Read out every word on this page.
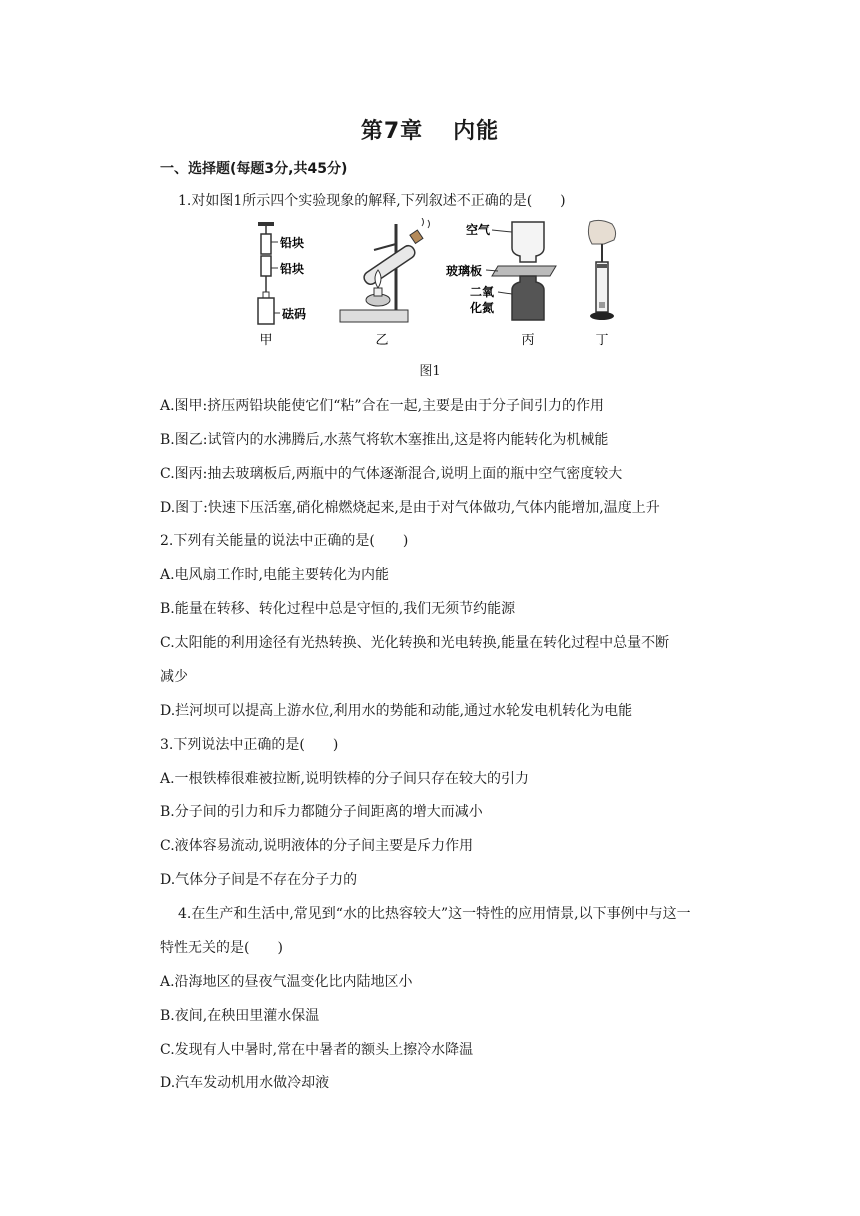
第7章 内能
一、选择题(每题3分,共45分)
1.对如图1所示四个实验现象的解释,下列叙述不正确的是(　　)
铅块
铅块
砝码
空气
玻璃板
二氧
化氮
甲	乙	丙	丁
图1
A.图甲:挤压两铅块能使它们“粘”合在一起,主要是由于分子间引力的作用
B.图乙:试管内的水沸腾后,水蒸气将软木塞推出,这是将内能转化为机械能
C.图丙:抽去玻璃板后,两瓶中的气体逐渐混合,说明上面的瓶中空气密度较大
D.图丁:快速下压活塞,硝化棉燃烧起来,是由于对气体做功,气体内能增加,温度上升
2.下列有关能量的说法中正确的是(　　)
A.电风扇工作时,电能主要转化为内能
B.能量在转移、转化过程中总是守恒的,我们无须节约能源
C.太阳能的利用途径有光热转换、光化转换和光电转换,能量在转化过程中总量不断
减少
D.拦河坝可以提高上游水位,利用水的势能和动能,通过水轮发电机转化为电能
3.下列说法中正确的是(　　)
A.一根铁棒很难被拉断,说明铁棒的分子间只存在较大的引力
B.分子间的引力和斥力都随分子间距离的增大而减小
C.液体容易流动,说明液体的分子间主要是斥力作用
D.气体分子间是不存在分子力的
4.在生产和生活中,常见到“水的比热容较大”这一特性的应用情景,以下事例中与这一
特性无关的是(　　)
A.沿海地区的昼夜气温变化比内陆地区小
B.夜间,在秧田里灌水保温
C.发现有人中暑时,常在中暑者的额头上擦冷水降温
D.汽车发动机用水做冷却液
